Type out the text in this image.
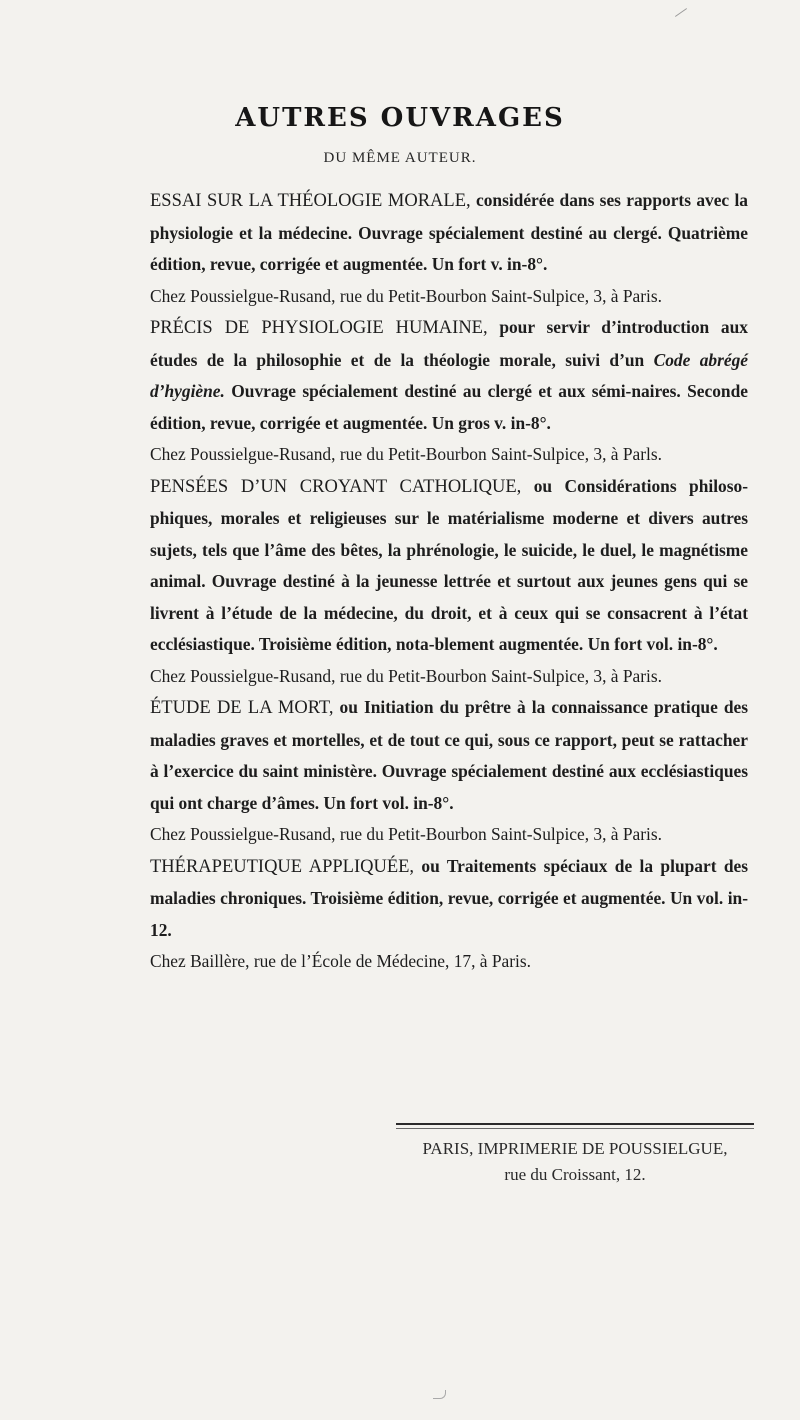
AUTRES OUVRAGES
DU MÊME AUTEUR.

ESSAI SUR LA THÉOLOGIE MORALE, considérée dans ses rapports avec la physiologie et la médecine. Ouvrage spécialement destiné au clergé. Quatrième édition, revue, corrigée et augmentée. Un fort v. in-8°.
Chez Poussielgue-Rusand, rue du Petit-Bourbon Saint-Sulpice, 3, à Paris.

PRÉCIS DE PHYSIOLOGIE HUMAINE, pour servir d’introduction aux études de la philosophie et de la théologie morale, suivi d’un Code abrégé d’hygiène. Ouvrage spécialement destiné au clergé et aux sémi-naires. Seconde édition, revue, corrigée et augmentée. Un gros v. in-8°.
Chez Poussielgue-Rusand, rue du Petit-Bourbon Saint-Sulpice, 3, à Parls.

PENSÉES D’UN CROYANT CATHOLIQUE, ou Considérations philoso-phiques, morales et religieuses sur le matérialisme moderne et divers autres sujets, tels que l’âme des bêtes, la phrénologie, le suicide, le duel, le magnétisme animal. Ouvrage destiné à la jeunesse lettrée et surtout aux jeunes gens qui se livrent à l’étude de la médecine, du droit, et à ceux qui se consacrent à l’état ecclésiastique. Troisième édition, nota-blement augmentée. Un fort vol. in-8°.
Chez Poussielgue-Rusand, rue du Petit-Bourbon Saint-Sulpice, 3, à Paris.

ÉTUDE DE LA MORT, ou Initiation du prêtre à la connaissance pratique des maladies graves et mortelles, et de tout ce qui, sous ce rapport, peut se rattacher à l’exercice du saint ministère. Ouvrage spécialement destiné aux ecclésiastiques qui ont charge d’âmes. Un fort vol. in-8°.
Chez Poussielgue-Rusand, rue du Petit-Bourbon Saint-Sulpice, 3, à Paris.

THÉRAPEUTIQUE APPLIQUÉE, ou Traitements spéciaux de la plupart des maladies chroniques. Troisième édition, revue, corrigée et augmentée. Un vol. in-12.
Chez Baillère, rue de l’École de Médecine, 17, à Paris.

PARIS, IMPRIMERIE DE POUSSIELGUE,
rue du Croissant, 12.
